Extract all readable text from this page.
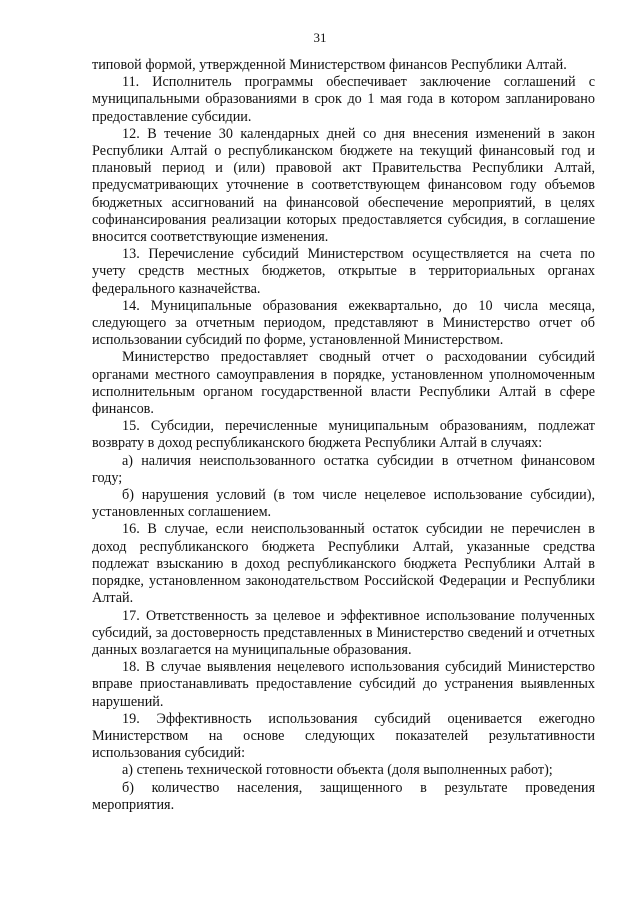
31

типовой формой, утвержденной Министерством финансов Республики Алтай.

11. Исполнитель программы обеспечивает заключение соглашений с муниципальными образованиями в срок до 1 мая года в котором запланировано предоставление субсидии.

12. В течение 30 календарных дней со дня внесения изменений в закон Республики Алтай о республиканском бюджете на текущий финансовый год и плановый период и (или) правовой акт Правительства Республики Алтай, предусматривающих уточнение в соответствующем финансовом году объемов бюджетных ассигнований на финансовой обеспечение мероприятий, в целях софинансирования реализации которых предоставляется субсидия, в соглашение вносится соответствующие изменения.

13. Перечисление субсидий Министерством осуществляется на счета по учету средств местных бюджетов, открытые в территориальных органах федерального казначейства.

14. Муниципальные образования ежеквартально, до 10 числа месяца, следующего за отчетным периодом, представляют в Министерство отчет об использовании субсидий по форме, установленной Министерством.

Министерство предоставляет сводный отчет о расходовании субсидий органами местного самоуправления в порядке, установленном уполномоченным исполнительным органом государственной власти Республики Алтай в сфере финансов.

15. Субсидии, перечисленные муниципальным образованиям, подлежат возврату в доход республиканского бюджета Республики Алтай в случаях:

а) наличия неиспользованного остатка субсидии в отчетном финансовом году;

б) нарушения условий (в том числе нецелевое использование субсидии), установленных соглашением.

16. В случае, если неиспользованный остаток субсидии не перечислен в доход республиканского бюджета Республики Алтай, указанные средства подлежат взысканию в доход республиканского бюджета Республики Алтай в порядке, установленном законодательством Российской Федерации и Республики Алтай.

17. Ответственность за целевое и эффективное использование полученных субсидий, за достоверность представленных в Министерство сведений и отчетных данных возлагается на муниципальные образования.

18. В случае выявления нецелевого использования субсидий Министерство вправе приостанавливать предоставление субсидий до устранения выявленных нарушений.

19. Эффективность использования субсидий оценивается ежегодно Министерством на основе следующих показателей результативности использования субсидий:

а) степень технической готовности объекта (доля выполненных работ);

б) количество населения, защищенного в результате проведения мероприятия.
